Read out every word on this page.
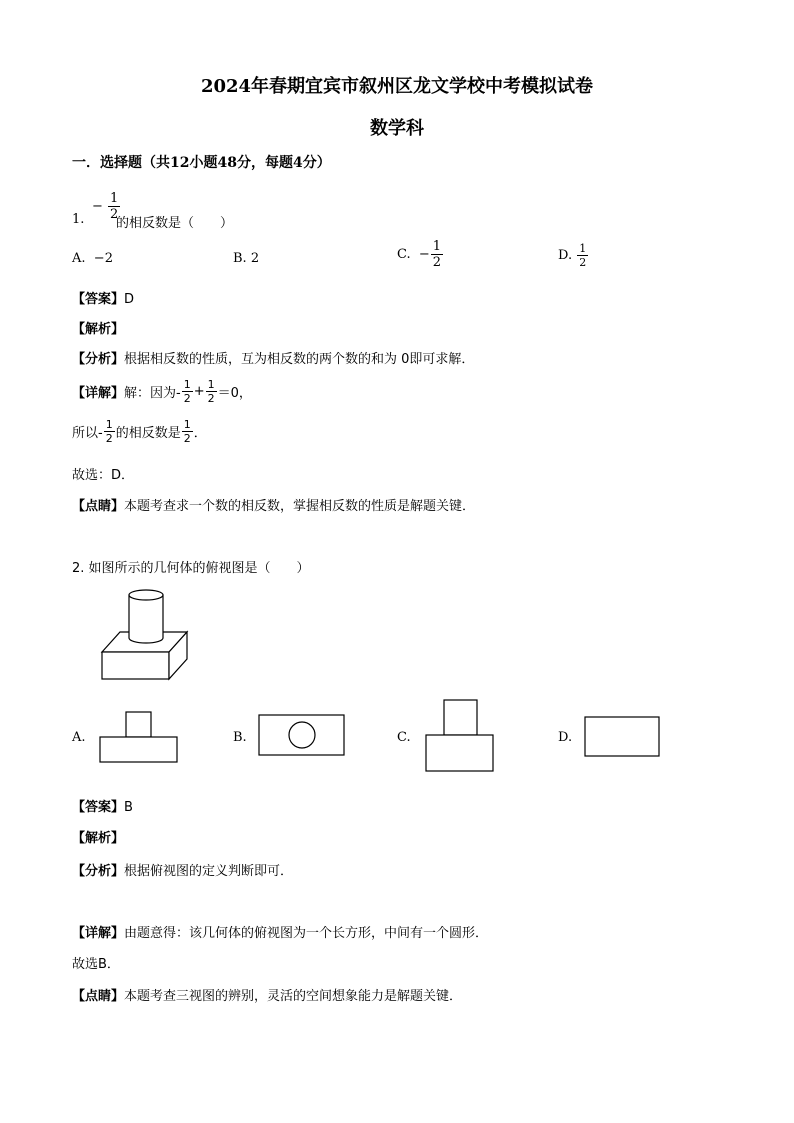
2024年春期宜宾市叙州区龙文学校中考模拟试卷
数学科
一．选择题（共12小题48分，每题4分）
1.
− $\frac{1}{2}$
的相反数是（　　）
A. −2	B. 2	C. − $\frac{1}{2}$	D. $\frac{1}{2}$
【答案】D
【解析】
【分析】根据相反数的性质，互为相反数的两个数的和为 0即可求解．
【详解】解：因为- $\frac{1}{2} + \frac{1}{2} =0$，
所以- $\frac{1}{2}$ 的相反数是 $\frac{1}{2}$ ．
故选：D．
【点睛】本题考查求一个数的相反数，掌握相反数的性质是解题关键．
2. 如图所示的几何体的俯视图是（　　）
A.	B.	C.	D.
【答案】B
【解析】
【分析】根据俯视图的定义判断即可．
【详解】由题意得：该几何体的俯视图为一个长方形，中间有一个圆形．
故选B．
【点睛】本题考查三视图的辨别，灵活的空间想象能力是解题关键．
